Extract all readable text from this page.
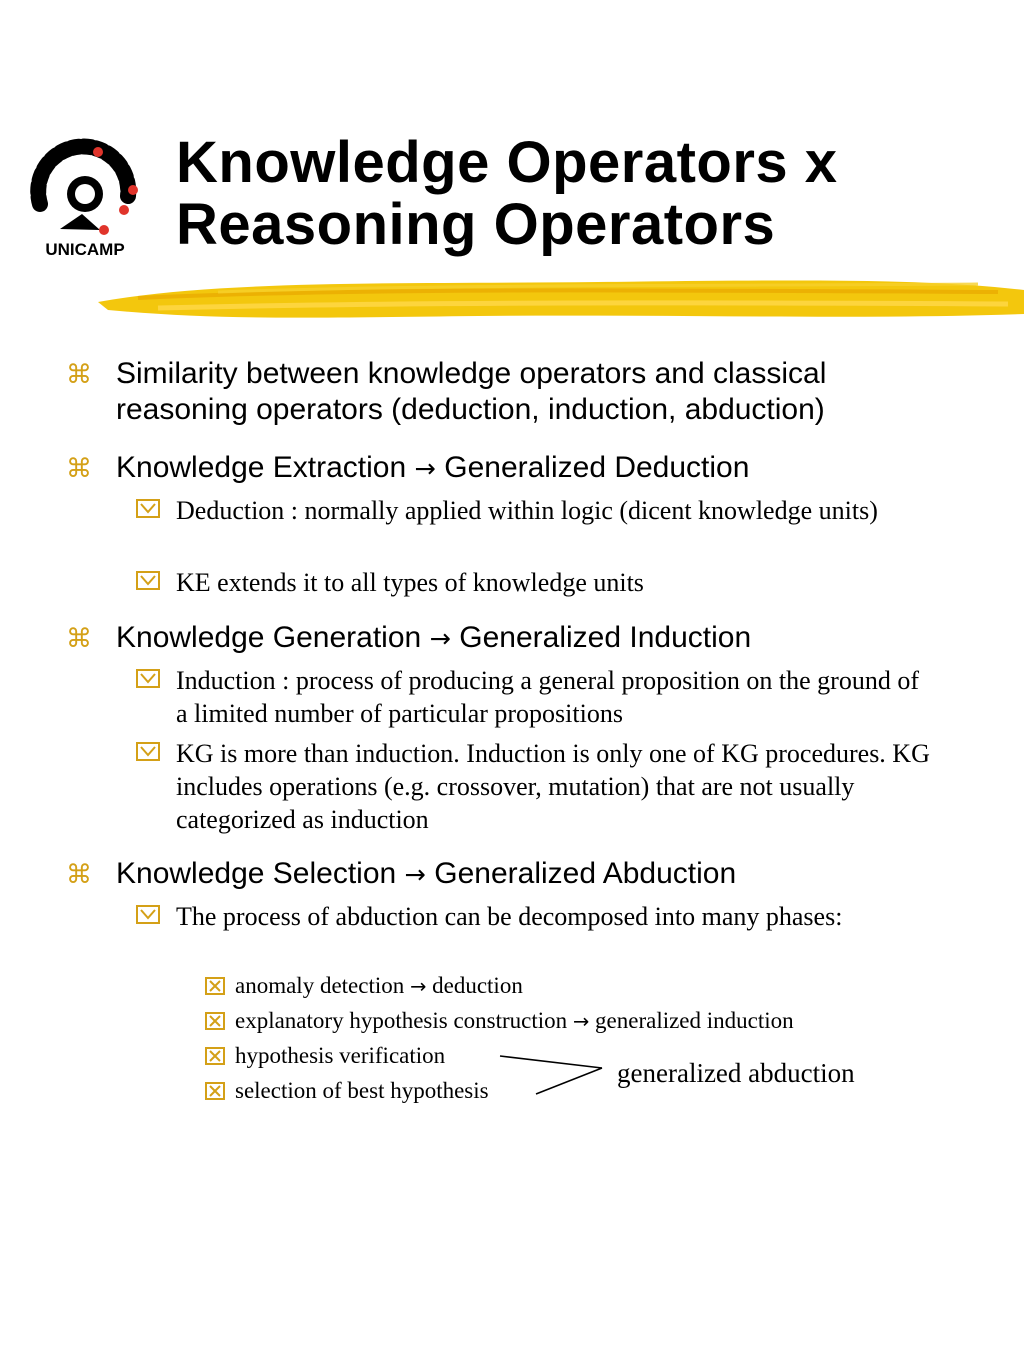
UNICAMP
Knowledge Operators x
Reasoning Operators
⌘ Similarity between knowledge operators and classical reasoning operators (deduction, induction, abduction)
⌘ Knowledge Extraction → Generalized Deduction
Deduction : normally applied within logic (dicent knowledge units)
KE extends it to all types of knowledge units
⌘ Knowledge Generation → Generalized Induction
Induction : process of producing a general proposition on the ground of a limited number of particular propositions
KG is more than induction. Induction is only one of KG procedures. KG includes operations (e.g. crossover, mutation) that are not usually categorized as induction
⌘ Knowledge Selection → Generalized Abduction
The process of abduction can be decomposed into many phases:
anomaly detection → deduction
explanatory hypothesis construction → generalized induction
hypothesis verification
selection of best hypothesis
generalized abduction
